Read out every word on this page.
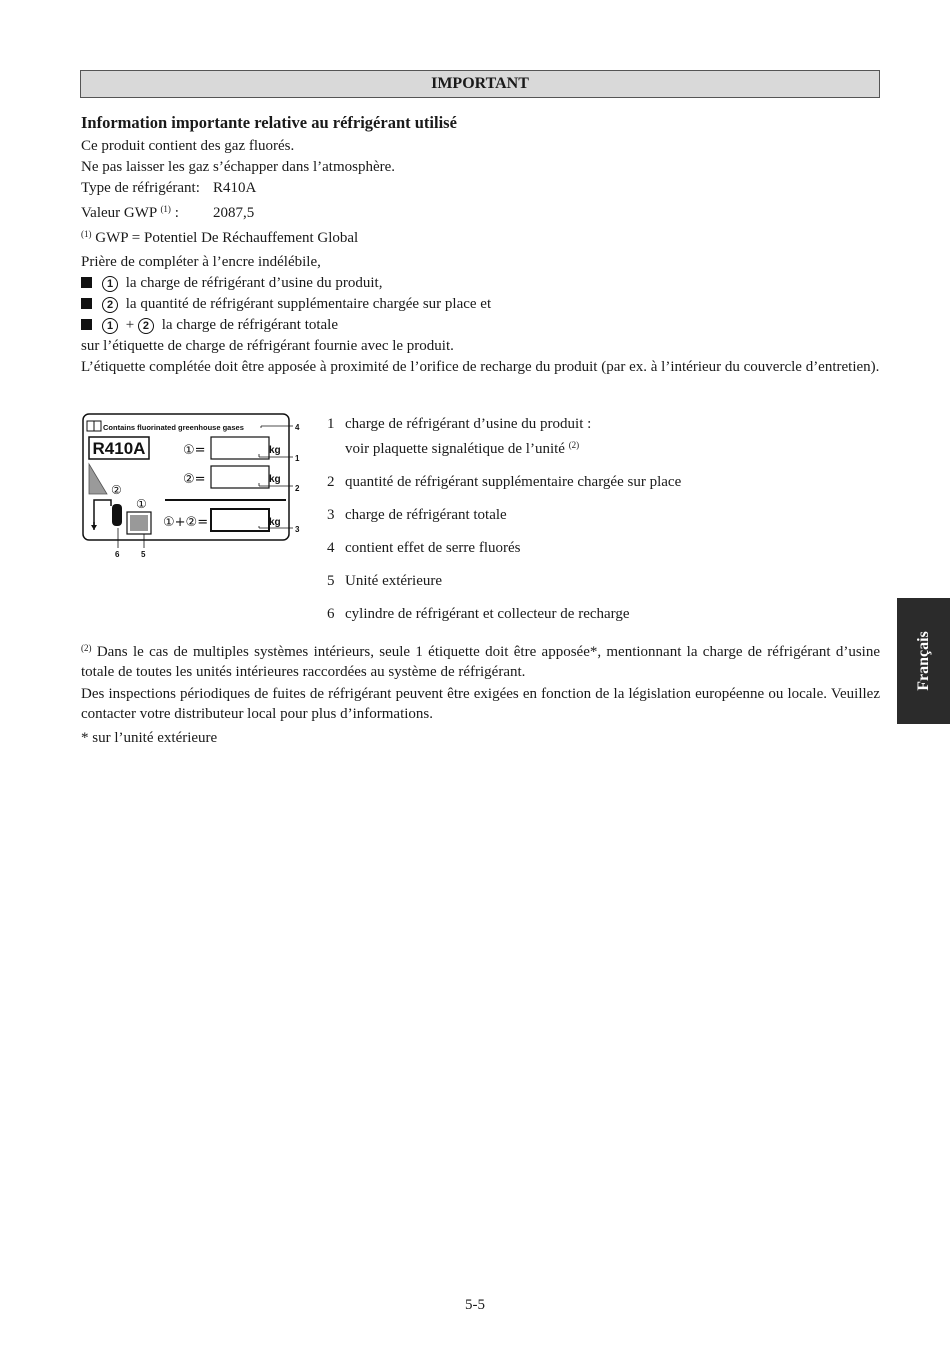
IMPORTANT

Information importante relative au réfrigérant utilisé

Ce produit contient des gaz fluorés.

Ne pas laisser les gaz s’échapper dans l’atmosphère.

Type de réfrigérant: R410A

Valeur GWP $^{(1)}$ : 2087,5

$^{(1)}$ GWP = Potentiel De Réchauffement Global

Prière de compléter à l’encre indélébile,

1 la charge de réfrigérant d’usine du produit,

2 la quantité de réfrigérant supplémentaire chargée sur place et

1 + 2 la charge de réfrigérant totale

sur l’étiquette de charge de réfrigérant fournie avec le produit.

L’étiquette complétée doit être apposée à proximité de l’orifice de recharge du produit (par ex. à l’intérieur du couvercle d’entretien).

Contains fluorinated greenhouse gases
R410A	①=	kg
②=	kg
①+②=	kg
②
①
4
1
2
3
6	5
1 charge de réfrigérant d’usine du produit :
voir plaquette signalétique de l’unité $^{(2)}$
2 quantité de réfrigérant supplémentaire chargée sur place
3 charge de réfrigérant totale
4 contient effet de serre fluorés
5 Unité extérieure
6 cylindre de réfrigérant et collecteur de recharge

$^{(2)}$ Dans le cas de multiples systèmes intérieurs, seule 1 étiquette doit être apposée*, mentionnant la charge de réfrigérant d’usine totale de toutes les unités intérieures raccordées au système de réfrigérant.

Des inspections périodiques de fuites de réfrigérant peuvent être exigées en fonction de la législation européenne ou locale. Veuillez contacter votre distributeur local pour plus d’informations.

* sur l’unité extérieure

Français
5-5
